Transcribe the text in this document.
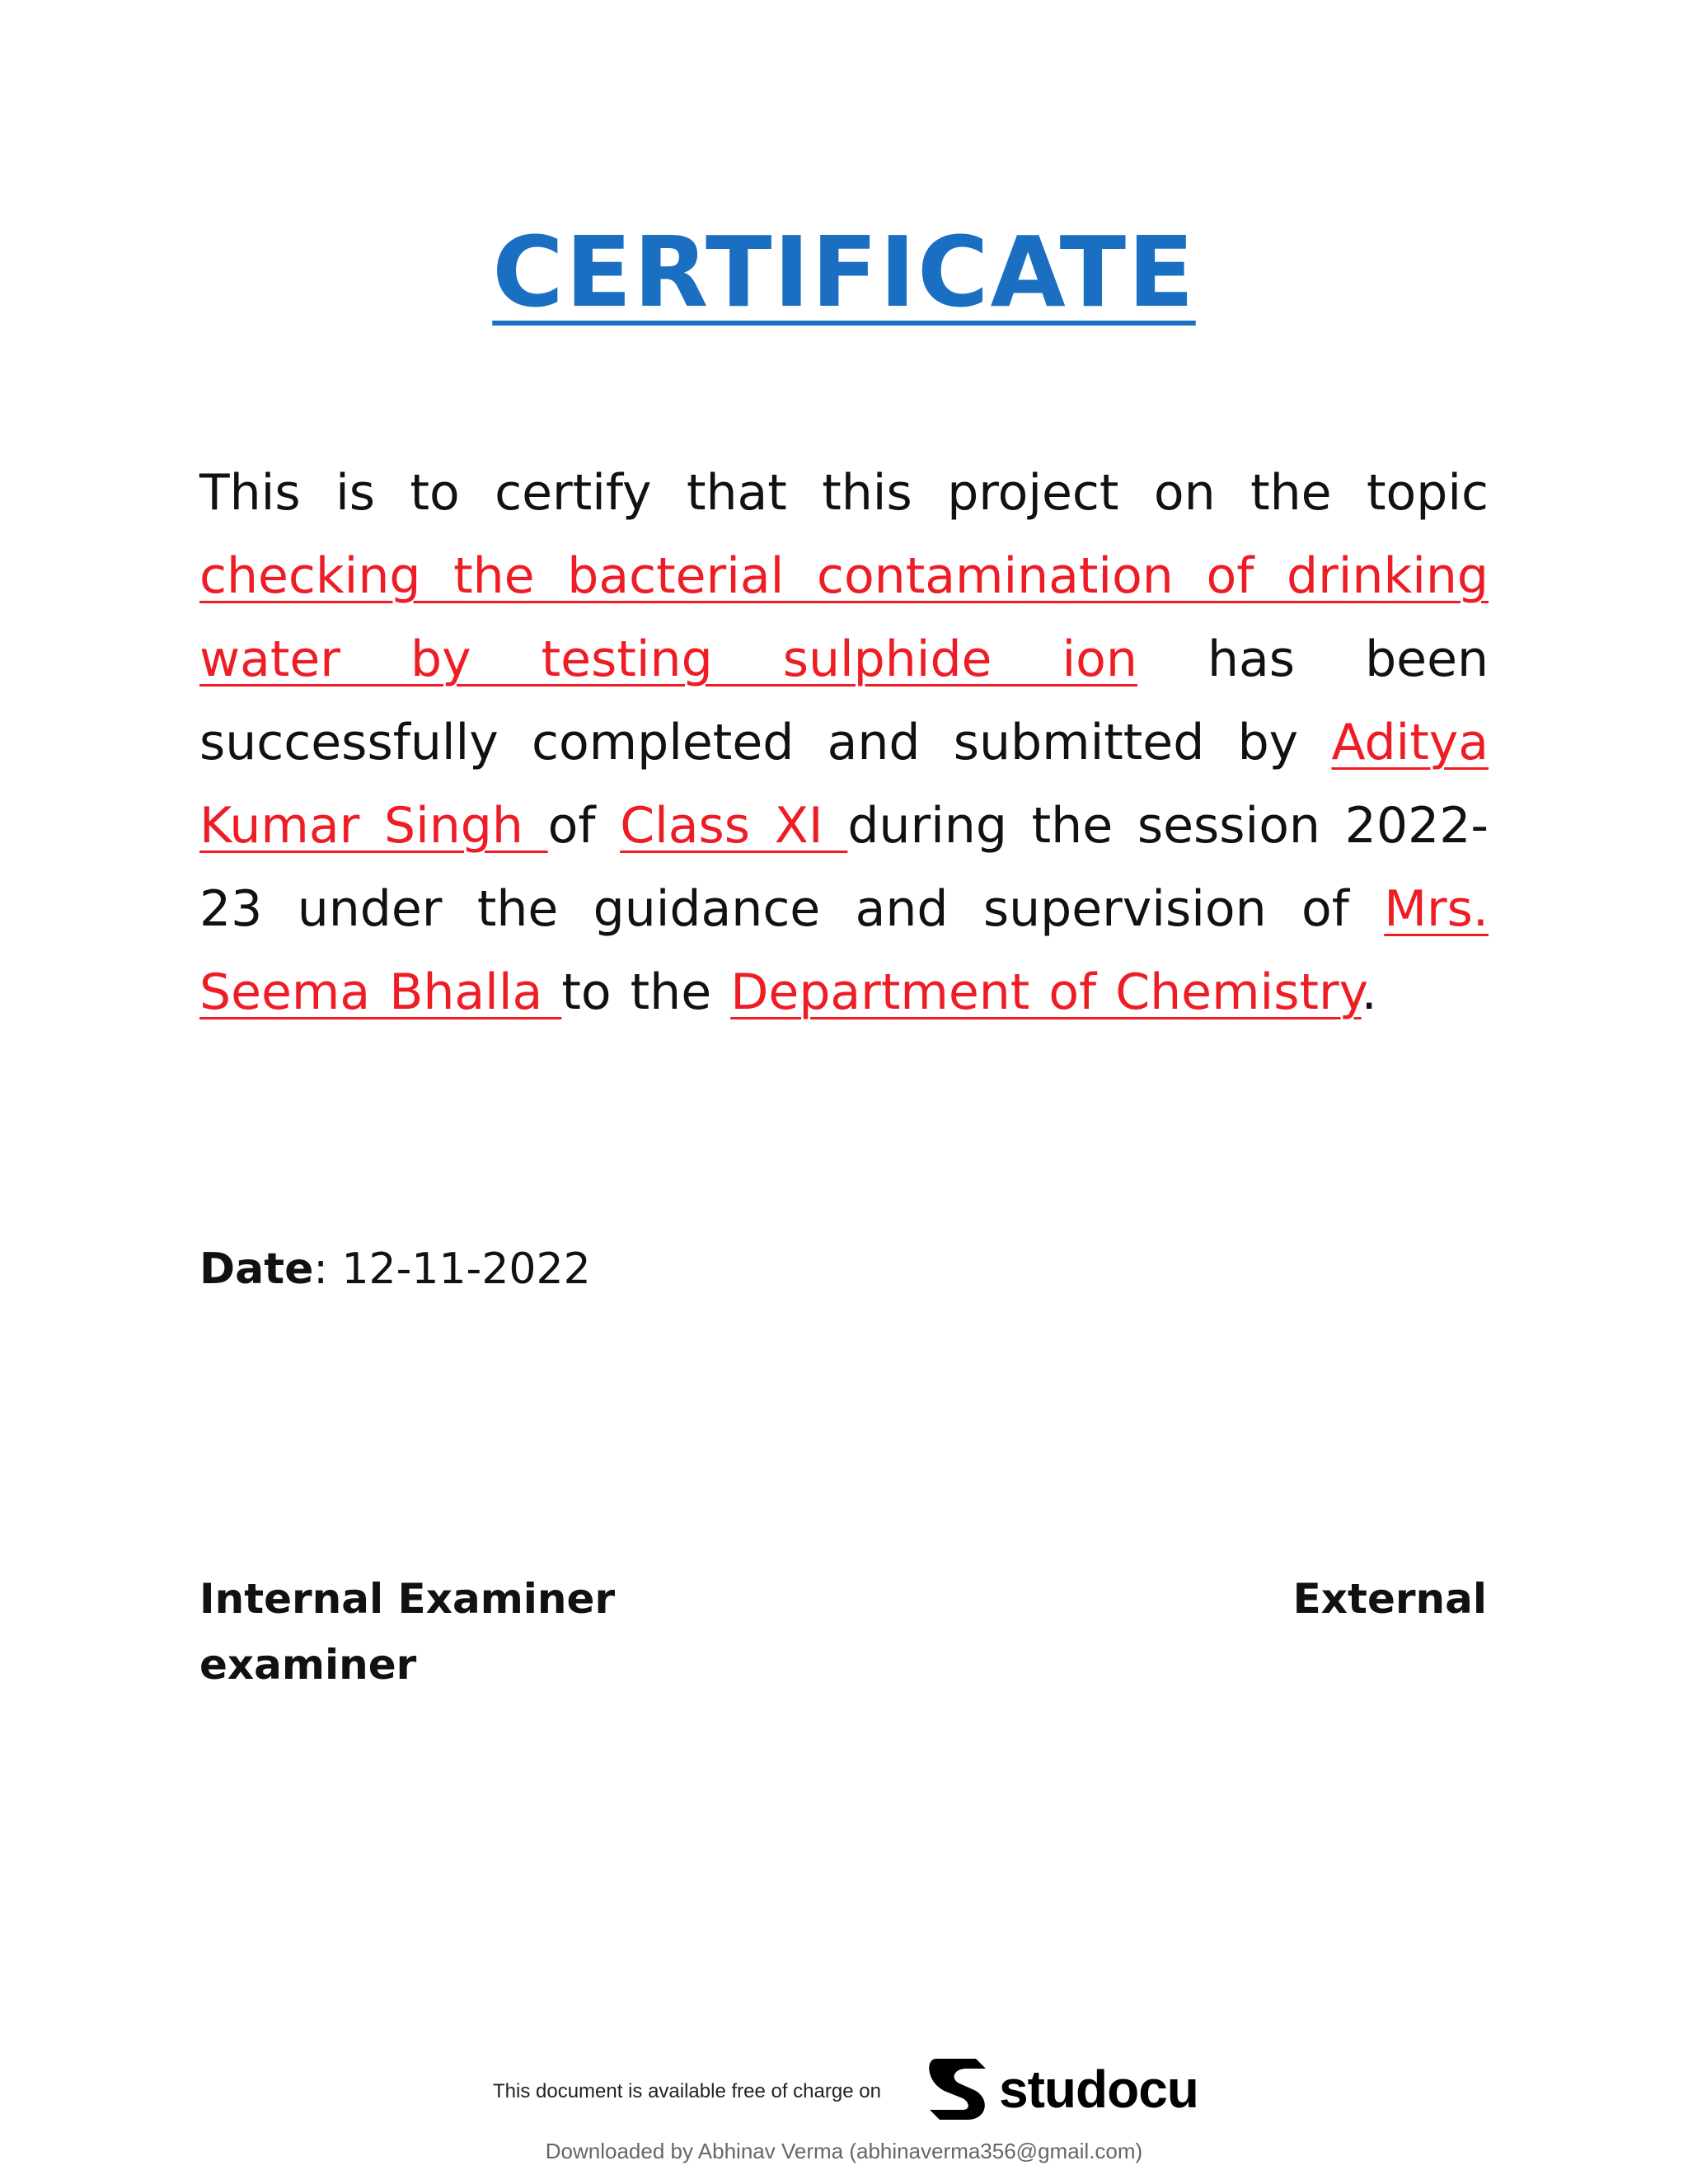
CERTIFICATE

This is to certify that this project on the topic checking the bacterial contamination of drinking water by testing sulphide ion has been successfully completed and submitted by Aditya Kumar Singh of Class XI during the session 2022-23 under the guidance and supervision of Mrs. Seema Bhalla to the Department of Chemistry.

Date: 12-11-2022

Internal Examiner
examiner
External

This document is available free of charge on studocu

Downloaded by Abhinav Verma (abhinaverma356@gmail.com)
